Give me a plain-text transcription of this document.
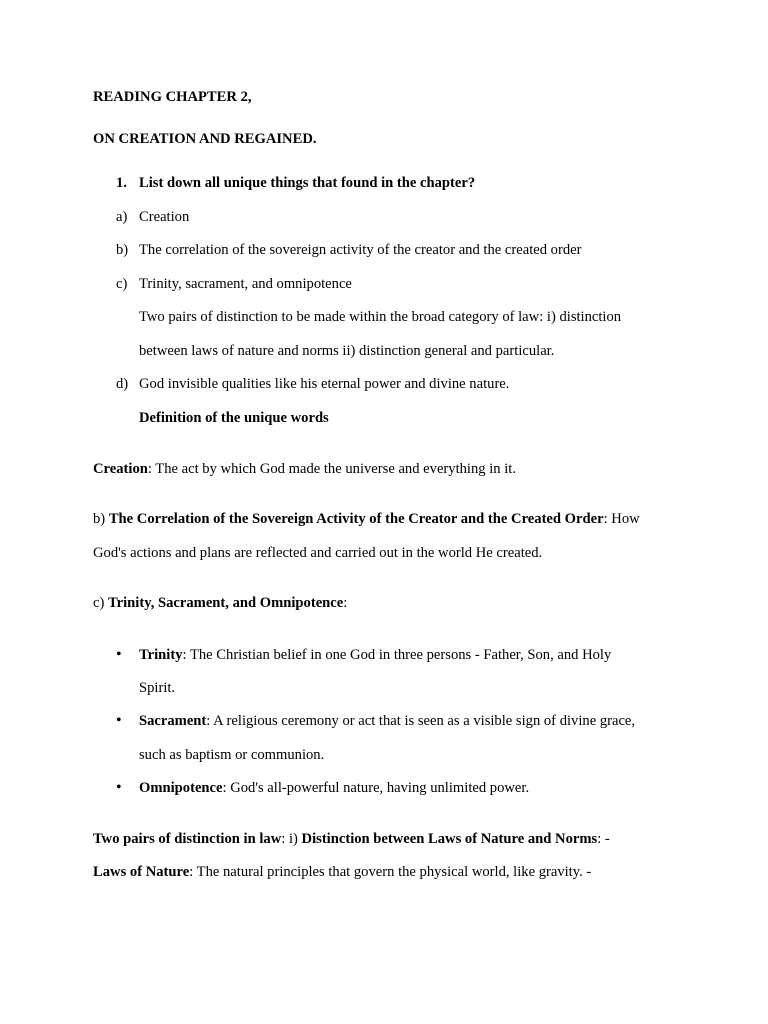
READING CHAPTER 2,
ON CREATION AND REGAINED.
1. List down all unique things that found in the chapter?
a) Creation
b) The correlation of the sovereign activity of the creator and the created order
c) Trinity, sacrament, and omnipotence
Two pairs of distinction to be made within the broad category of law: i) distinction
between laws of nature and norms ii) distinction general and particular.
d) God invisible qualities like his eternal power and divine nature.
Definition of the unique words
Creation: The act by which God made the universe and everything in it.
b) The Correlation of the Sovereign Activity of the Creator and the Created Order: How
God's actions and plans are reflected and carried out in the world He created.
c) Trinity, Sacrament, and Omnipotence:
• Trinity: The Christian belief in one God in three persons - Father, Son, and Holy
Spirit.
• Sacrament: A religious ceremony or act that is seen as a visible sign of divine grace,
such as baptism or communion.
• Omnipotence: God's all-powerful nature, having unlimited power.
Two pairs of distinction in law: i) Distinction between Laws of Nature and Norms: -
Laws of Nature: The natural principles that govern the physical world, like gravity. -
